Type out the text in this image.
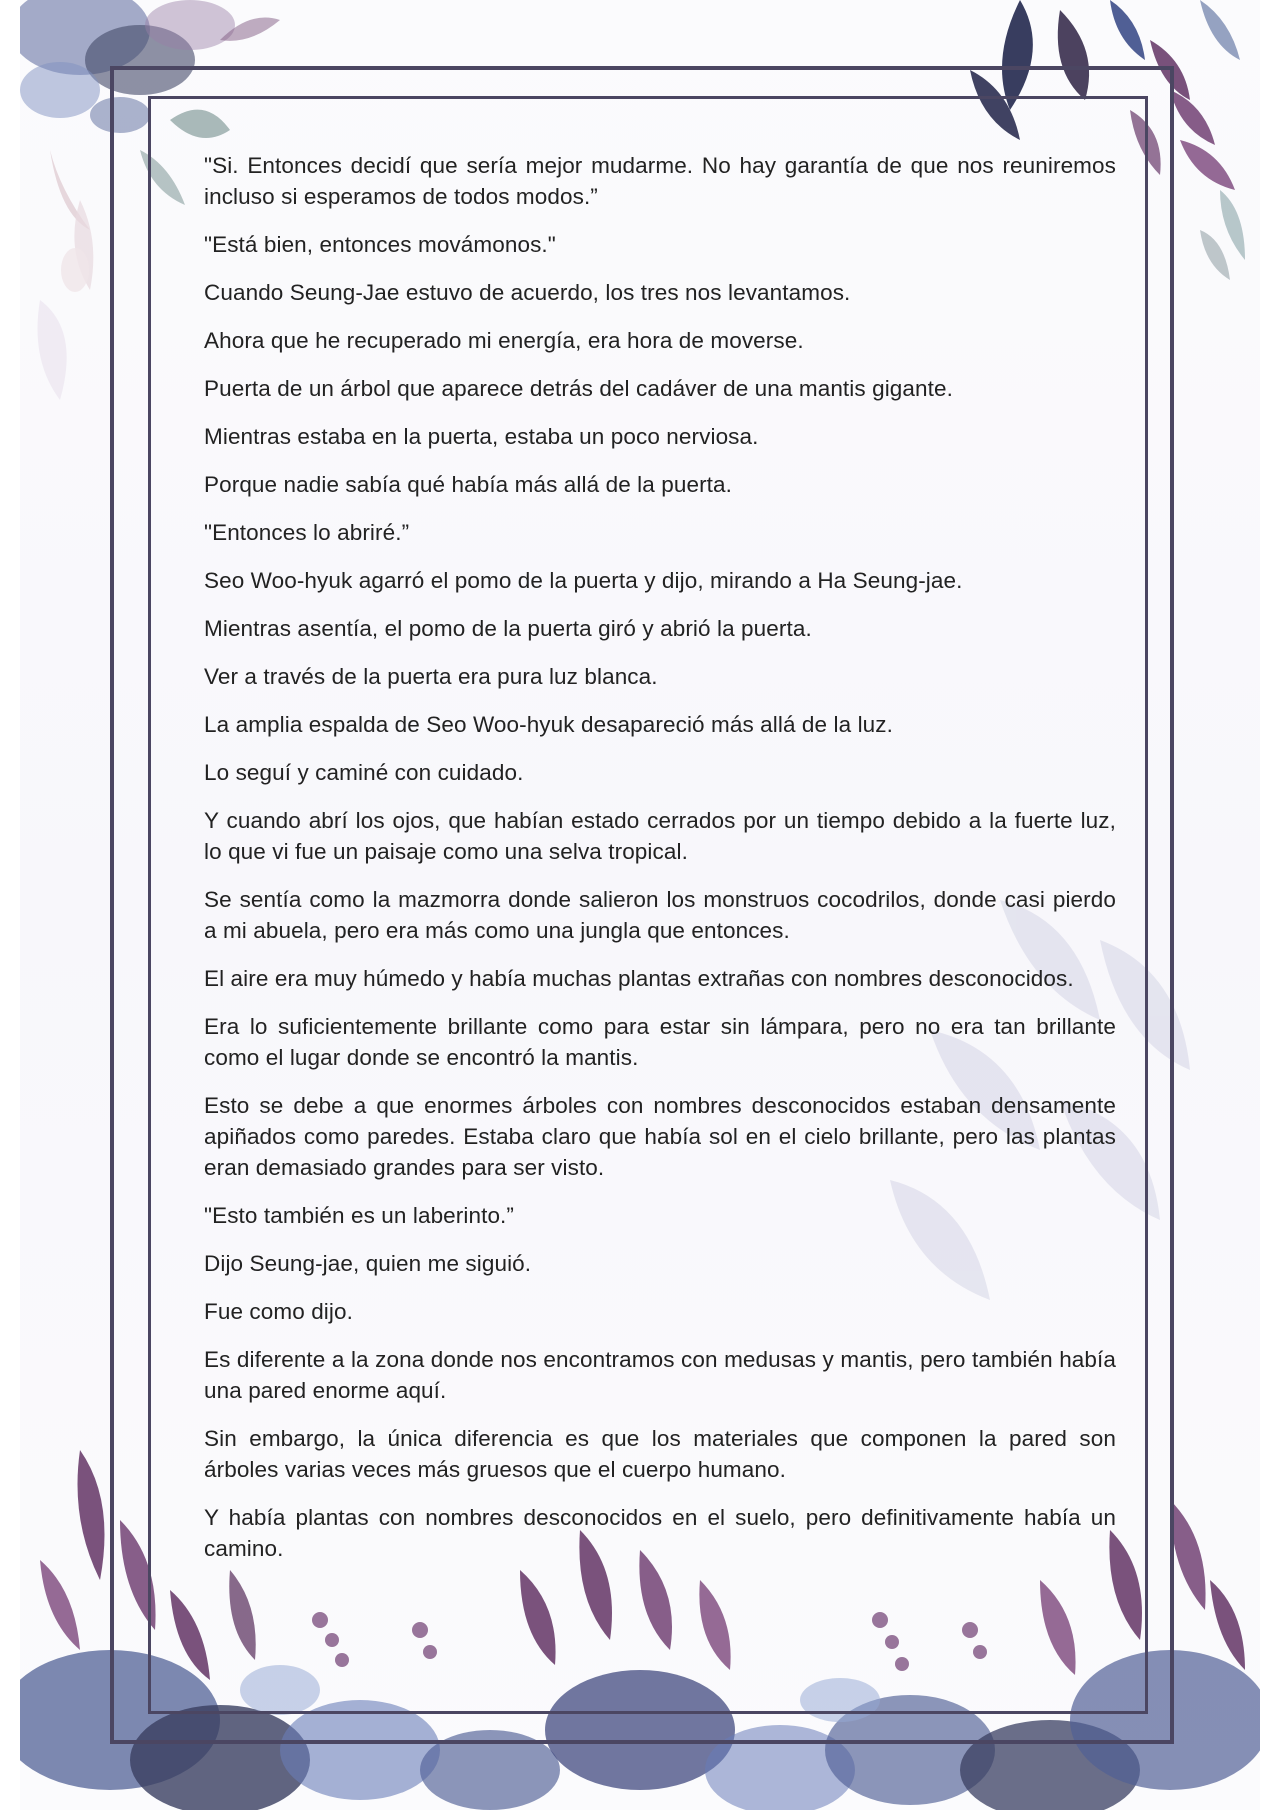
"Si. Entonces decidí que sería mejor mudarme. No hay garantía de que nos reuniremos incluso si esperamos de todos modos.”

"Está bien, entonces movámonos."

Cuando Seung-Jae estuvo de acuerdo, los tres nos levantamos.

Ahora que he recuperado mi energía, era hora de moverse.

Puerta de un árbol que aparece detrás del cadáver de una mantis gigante.

Mientras estaba en la puerta, estaba un poco nerviosa.

Porque nadie sabía qué había más allá de la puerta.

"Entonces lo abriré.”

Seo Woo-hyuk agarró el pomo de la puerta y dijo, mirando a Ha Seung-jae.

Mientras asentía, el pomo de la puerta giró y abrió la puerta.

Ver a través de la puerta era pura luz blanca.

La amplia espalda de Seo Woo-hyuk desapareció más allá de la luz.

Lo seguí y caminé con cuidado.

Y cuando abrí los ojos, que habían estado cerrados por un tiempo debido a la fuerte luz, lo que vi fue un paisaje como una selva tropical.

Se sentía como la mazmorra donde salieron los monstruos cocodrilos, donde casi pierdo a mi abuela, pero era más como una jungla que entonces.

El aire era muy húmedo y había muchas plantas extrañas con nombres desconocidos.

Era lo suficientemente brillante como para estar sin lámpara, pero no era tan brillante como el lugar donde se encontró la mantis.

Esto se debe a que enormes árboles con nombres desconocidos estaban densamente apiñados como paredes. Estaba claro que había sol en el cielo brillante, pero las plantas eran demasiado grandes para ser visto.

"Esto también es un laberinto.”

Dijo Seung-jae, quien me siguió.

Fue como dijo.

Es diferente a la zona donde nos encontramos con medusas y mantis, pero también había una pared enorme aquí.

Sin embargo, la única diferencia es que los materiales que componen la pared son árboles varias veces más gruesos que el cuerpo humano.

Y había plantas con nombres desconocidos en el suelo, pero definitivamente había un camino.
